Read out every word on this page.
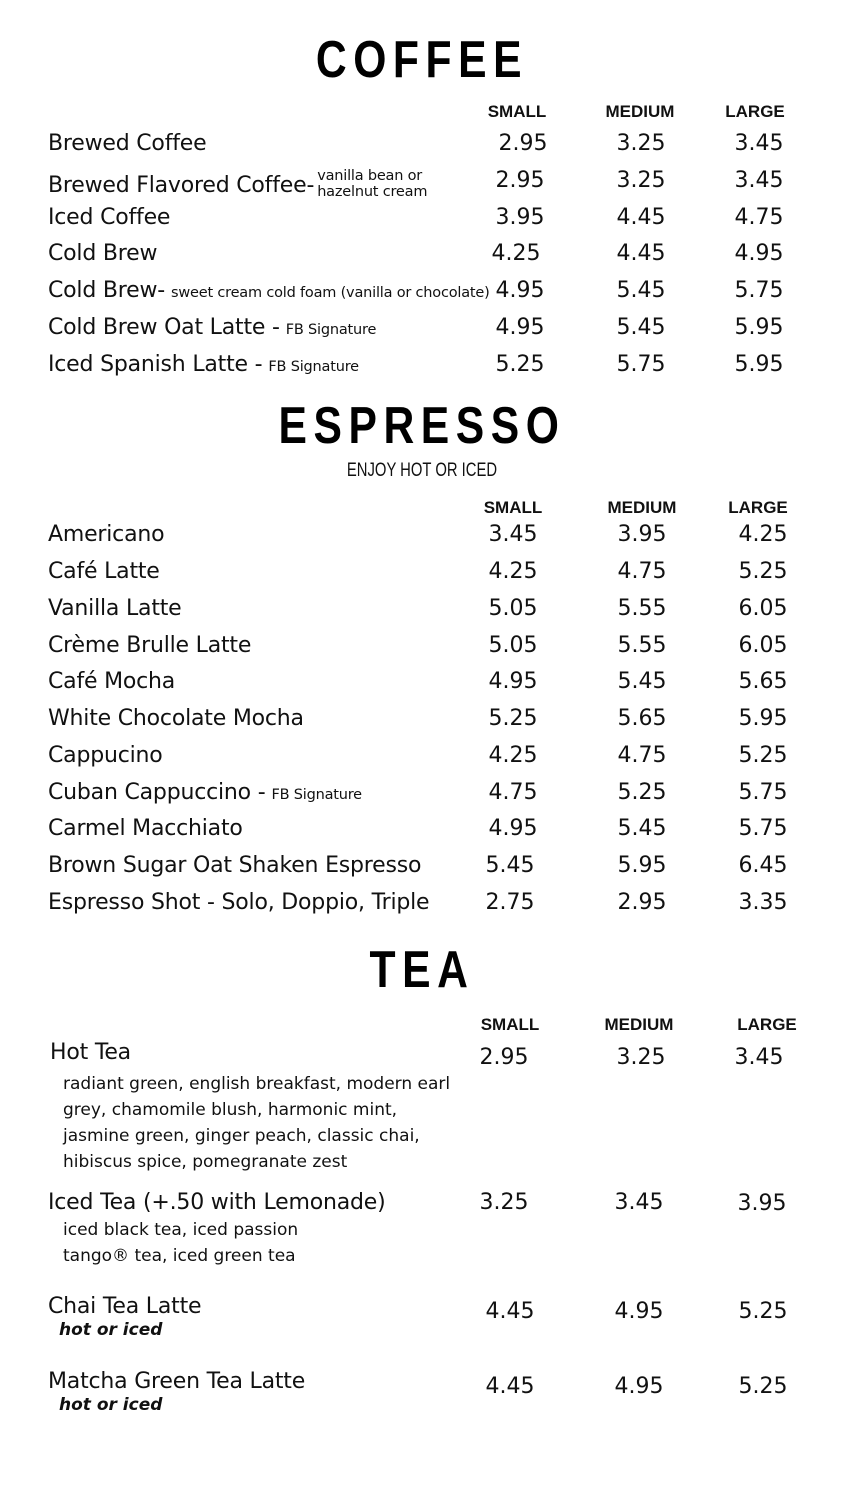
COFFEE
SMALL	MEDIUM	LARGE
Brewed Coffee	2.95	3.25	3.45
Brewed Flavored Coffee- vanilla bean or
hazelnut cream	2.95	3.25	3.45
Iced Coffee	3.95	4.45	4.75
Cold Brew	4.25	4.45	4.95
Cold Brew- sweet cream cold foam (vanilla or chocolate) 4.95	5.45	5.75
Cold Brew Oat Latte - FB Signature	4.95	5.45	5.95
Iced Spanish Latte - FB Signature	5.25	5.75	5.95
ESPRESSO
ENJOY HOT OR ICED
SMALL	MEDIUM	LARGE
Americano	3.45	3.95	4.25
Café Latte	4.25	4.75	5.25
Vanilla Latte	5.05	5.55	6.05
Crème Brulle Latte	5.05	5.55	6.05
Café Mocha	4.95	5.45	5.65
White Chocolate Mocha	5.25	5.65	5.95
Cappucino	4.25	4.75	5.25
Cuban Cappuccino - FB Signature	4.75	5.25	5.75
Carmel Macchiato	4.95	5.45	5.75
Brown Sugar Oat Shaken Espresso	5.45	5.95	6.45
Espresso Shot - Solo, Doppio, Triple	2.75	2.95	3.35
TEA
SMALL	MEDIUM	LARGE
Hot Tea
radiant green, english breakfast, modern earl
grey, chamomile blush, harmonic mint,
jasmine green, ginger peach, classic chai,
hibiscus spice, pomegranate zest
2.95	3.25	3.45
Iced Tea (+.50 with Lemonade)
iced black tea, iced passion
tango® tea, iced green tea
3.25	3.45	3.95
Chai Tea Latte
hot or iced
4.45	4.95	5.25
Matcha Green Tea Latte
hot or iced
4.45	4.95	5.25
